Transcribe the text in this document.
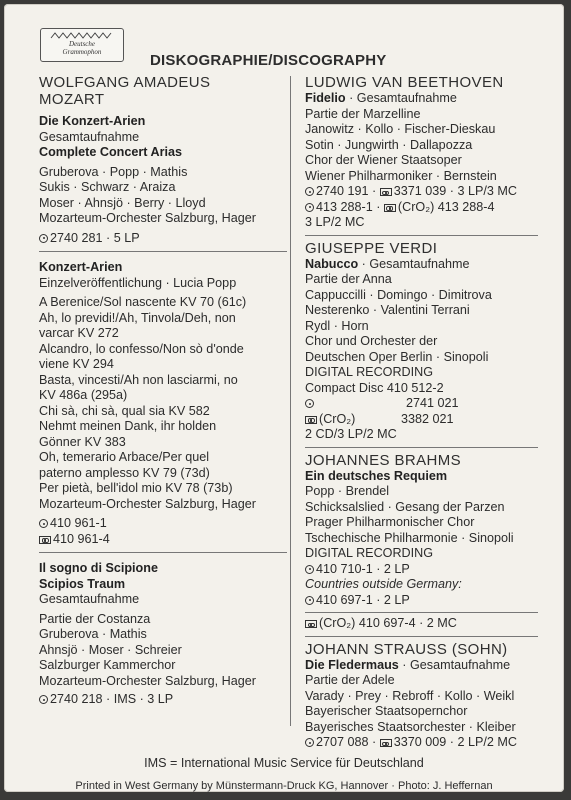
Deutsche
Grammophon	DISKOGRAPHIE/DISCOGRAPHY
WOLFGANG AMADEUS
MOZART
Die Konzert-Arien
Gesamtaufnahme
Complete Concert Arias
Gruberova · Popp · Mathis
Sukis · Schwarz · Araiza
Moser · Ahnsjö · Berry · Lloyd
Mozarteum-Orchester Salzburg, Hager
2740 281 · 5 LP
Konzert-Arien
Einzelveröffentlichung · Lucia Popp
A Berenice/Sol nascente KV 70 (61c)
Ah, lo previdi!/Ah, Tinvola/Deh, non
varcar KV 272
Alcandro, lo confesso/Non sò d'onde
viene KV 294
Basta, vincesti/Ah non lasciarmi, no
KV 486a (295a)
Chi sà, chi sà, qual sia KV 582
Nehmt meinen Dank, ihr holden
Gönner KV 383
Oh, temerario Arbace/Per quel
paterno amplesso KV 79 (73d)
Per pietà, bell'idol mio KV 78 (73b)
Mozarteum-Orchester Salzburg, Hager
410 961-1
410 961-4
Il sogno di Scipione
Scipios Traum
Gesamtaufnahme
Partie der Costanza
Gruberova · Mathis
Ahnsjö · Moser · Schreier
Salzburger Kammerchor
Mozarteum-Orchester Salzburg, Hager
2740 218 · IMS · 3 LP
LUDWIG VAN BEETHOVEN
Fidelio · Gesamtaufnahme
Partie der Marzelline
Janowitz · Kollo · Fischer-Dieskau
Sotin · Jungwirth · Dallapozza
Chor der Wiener Staatsoper
Wiener Philharmoniker · Bernstein
2740 191 · 3371 039 · 3 LP/3 MC
413 288-1 · (CrO₂) 413 288-4
3 LP/2 MC
GIUSEPPE VERDI
Nabucco · Gesamtaufnahme
Partie der Anna
Cappuccilli · Domingo · Dimitrova
Nesterenko · Valentini Terrani
Rydl · Horn
Chor und Orchester der
Deutschen Oper Berlin · Sinopoli
DIGITAL RECORDING
Compact Disc 410 512-2
2741 021
(CrO₂)	3382 021
2 CD/3 LP/2 MC
JOHANNES BRAHMS
Ein deutsches Requiem
Popp · Brendel
Schicksalslied · Gesang der Parzen
Prager Philharmonischer Chor
Tschechische Philharmonie · Sinopoli
DIGITAL RECORDING
410 710-1 · 2 LP
Countries outside Germany:
410 697-1 · 2 LP
(CrO₂) 410 697-4 · 2 MC
JOHANN STRAUSS (SOHN)
Die Fledermaus · Gesamtaufnahme
Partie der Adele
Varady · Prey · Rebroff · Kollo · Weikl
Bayerischer Staatsopernchor
Bayerisches Staatsorchester · Kleiber
2707 088 · 3370 009 · 2 LP/2 MC
IMS = International Music Service für Deutschland
Printed in West Germany by Münstermann-Druck KG, Hannover · Photo: J. Heffernan
